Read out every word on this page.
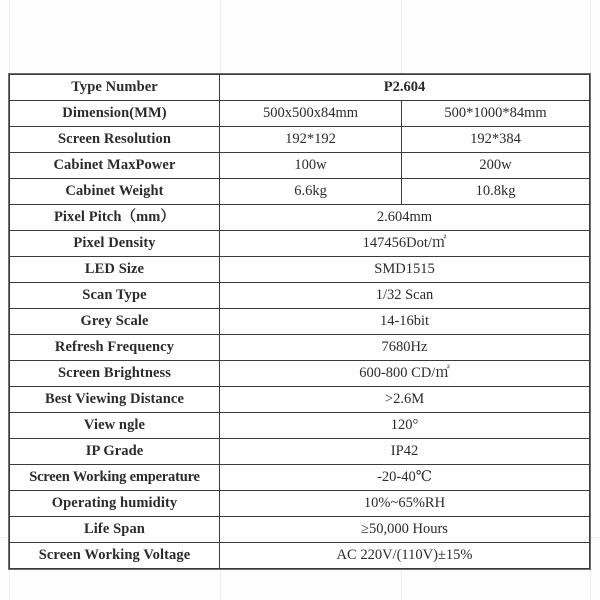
Type Number	P2.604	
Dimension(MM)	500x500x84mm	500*1000*84mm
Screen Resolution	192*192	192*384
Cabinet MaxPower	100w	200w
Cabinet Weight	6.6kg	10.8kg
Pixel Pitch（mm）	2.604mm	
Pixel Density	147456Dot/㎡	
LED Size	SMD1515	
Scan Type	1/32 Scan	
Grey Scale	14-16bit	
Refresh Frequency	7680Hz	
Screen Brightness	600-800 CD/㎡	
Best Viewing Distance	>2.6M	
View ngle	120°	
IP Grade	IP42	
Screen Working emperature	-20-40℃	
Operating humidity	10%~65%RH	
Life Span	≥50,000 Hours	
Screen Working Voltage	AC 220V/(110V)±15%	
